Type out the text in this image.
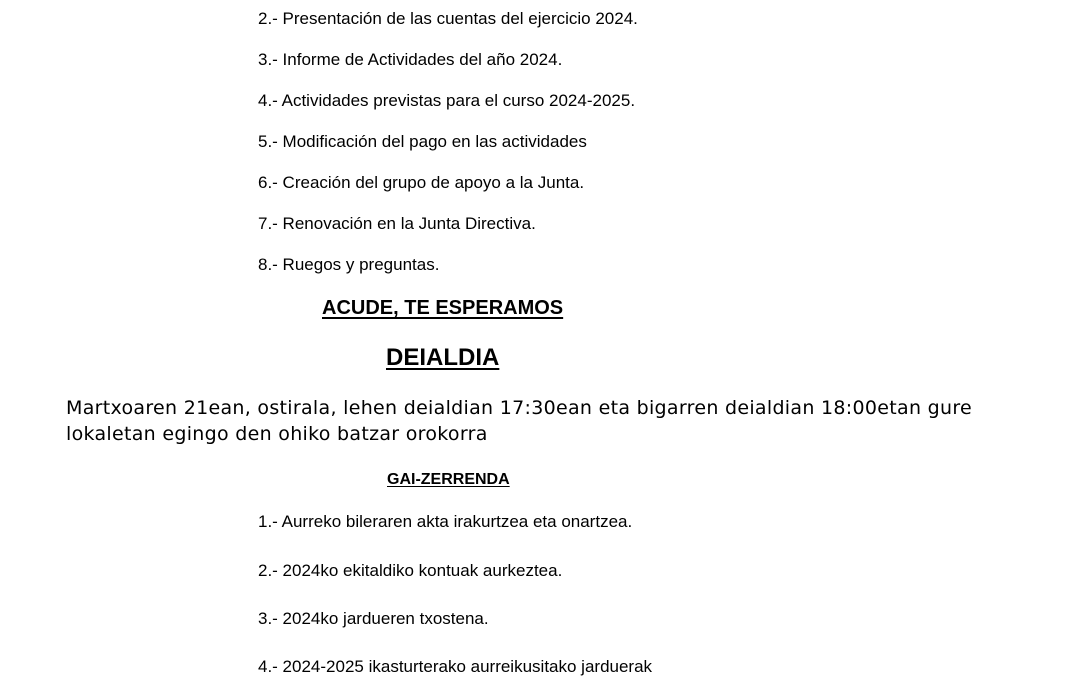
2.- Presentación de las cuentas del ejercicio 2024.
3.- Informe de Actividades del año 2024.
4.- Actividades previstas para el curso 2024-2025.
5.- Modificación del pago en las actividades
6.- Creación del grupo de apoyo a la Junta.
7.- Renovación en la Junta Directiva.
8.- Ruegos y preguntas.
ACUDE, TE ESPERAMOS
DEIALDIA
Martxoaren 21ean, ostirala, lehen deialdian 17:30ean eta bigarren deialdian 18:00etan gure lokaletan egingo den ohiko batzar orokorra
GAI-ZERRENDA
1.- Aurreko bileraren akta irakurtzea eta onartzea.
2.- 2024ko ekitaldiko kontuak aurkeztea.
3.- 2024ko jardueren txostena.
4.- 2024-2025 ikasturterako aurreikusitako jarduerak
